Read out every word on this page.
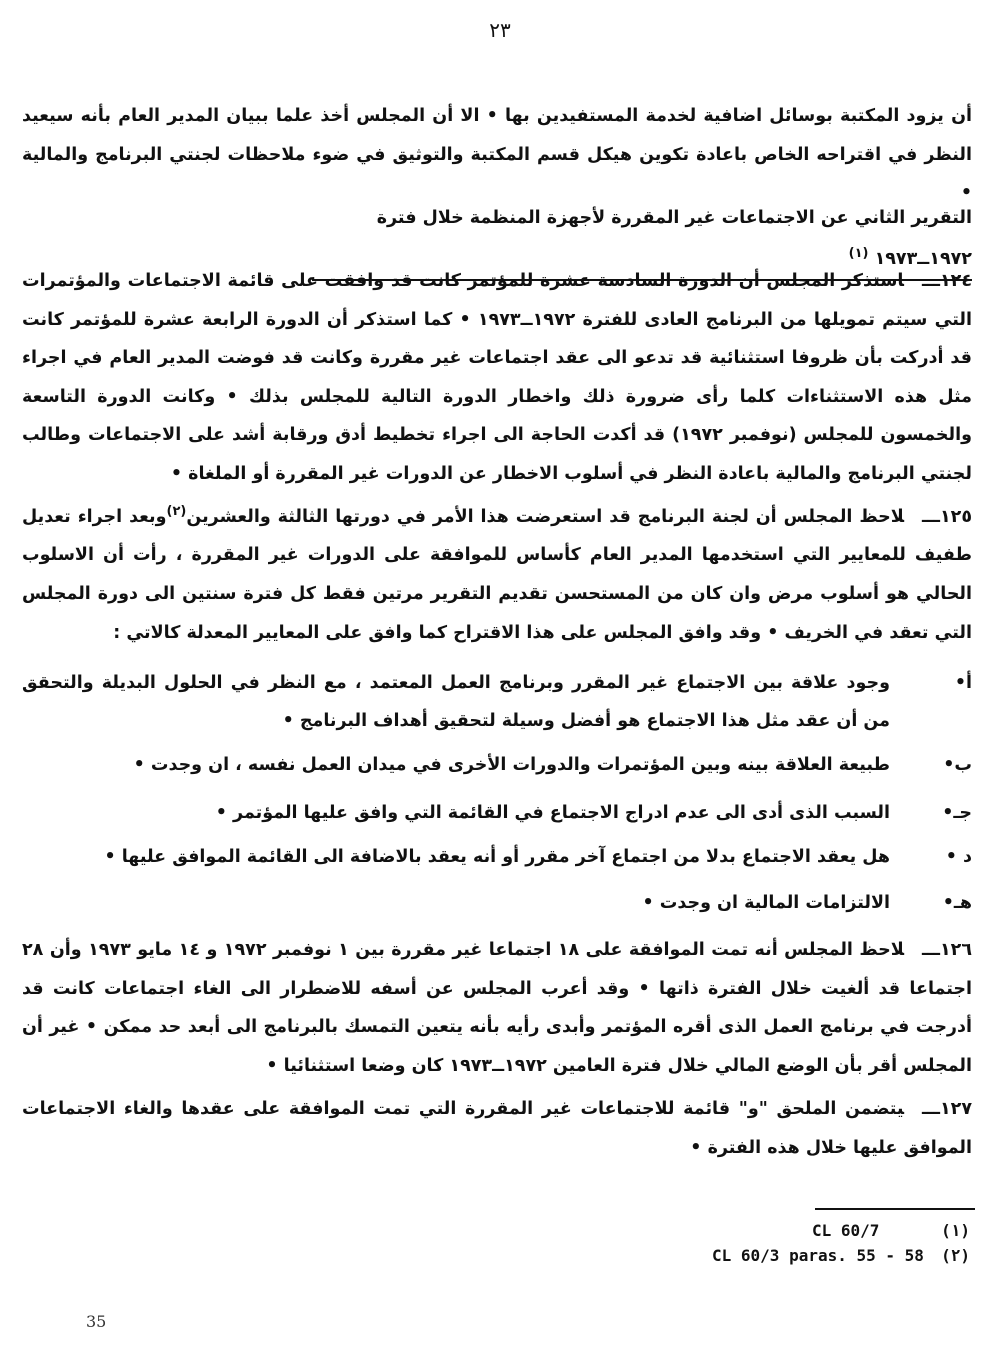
٢٣
أن يزود المكتبة بوسائل اضافية لخدمة المستفيدين بها • الا أن المجلس أخذ علما ببيان المدير العام بأنه سيعيد النظر في اقتراحه الخاص باعادة تكوين هيكل قسم المكتبة والتوثيق في ضوء ملاحظات لجنتي البرنامج والمالية •
التقرير الثاني عن الاجتماعات غير المقررة لأجهزة المنظمة خلال فترة ١٩٧٢ــ١٩٧٣ $^{(١)}$
١٢٤ـــاستذكر المجلس أن الدورة السادسة عشرة للمؤتمر كانت قد وافقت على قائمة الاجتماعات والمؤتمرات التي سيتم تمويلها من البرنامج العادى للفترة ١٩٧٢ــ١٩٧٣ • كما استذكر أن الدورة الرابعة عشرة للمؤتمر كانت قد أدركت بأن ظروفا استثنائية قد تدعو الى عقد اجتماعات غير مقررة وكانت قد فوضت المدير العام في اجراء مثل هذه الاستثناءات كلما رأى ضرورة ذلك واخطار الدورة التالية للمجلس بذلك • وكانت الدورة التاسعة والخمسون للمجلس (نوفمبر ١٩٧٢) قد أكدت الحاجة الى اجراء تخطيط أدق ورقابة أشد على الاجتماعات وطالب لجنتي البرنامج والمالية باعادة النظر في أسلوب الاخطار عن الدورات غير المقررة أو الملغاة •
١٢٥ـــلاحظ المجلس أن لجنة البرنامج قد استعرضت هذا الأمر في دورتها الثالثة والعشرين$^{(٢)}$وبعد اجراء تعديل طفيف للمعايير التي استخدمها المدير العام كأساس للموافقة على الدورات غير المقررة ، رأت أن الاسلوب الحالي هو أسلوب مرض وان كان من المستحسن تقديم التقرير مرتين فقط كل فترة سنتين الى دورة المجلس التي تعقد في الخريف • وقد وافق المجلس على هذا الاقتراح كما وافق على المعايير المعدلة كالاتي :
أ•
وجود علاقة بين الاجتماع غير المقرر وبرنامج العمل المعتمد ، مع النظر في الحلول البديلة والتحقق من أن عقد مثل هذا الاجتماع هو أفضل وسيلة لتحقيق أهداف البرنامج •
ب•
طبيعة العلاقة بينه وبين المؤتمرات والدورات الأخرى في ميدان العمل نفسه ، ان وجدت •
جـ•
السبب الذى أدى الى عدم ادراج الاجتماع في القائمة التي وافق عليها المؤتمر •
د •
هل يعقد الاجتماع بدلا من اجتماع آخر مقرر أو أنه يعقد بالاضافة الى القائمة الموافق عليها •
هـ•
الالتزامات المالية ان وجدت •
١٢٦ـــلاحظ المجلس أنه تمت الموافقة على ١٨ اجتماعا غير مقررة بين ١ نوفمبر ١٩٧٢ و ١٤ مايو ١٩٧٣ وأن ٢٨ اجتماعا قد ألغيت خلال الفترة ذاتها • وقد أعرب المجلس عن أسفه للاضطرار الى الغاء اجتماعات كانت قد أدرجت في برنامج العمل الذى أقره المؤتمر وأبدى رأيه بأنه يتعين التمسك بالبرنامج الى أبعد حد ممكن • غير أن المجلس أقر بأن الوضع المالي خلال فترة العامين ١٩٧٢ــ١٩٧٣ كان وضعا استثنائيا •
١٢٧ـــيتضمن الملحق "و" قائمة للاجتماعات غير المقررة التي تمت الموافقة على عقدها والغاء الاجتماعات الموافق عليها خلال هذه الفترة •
CL 60/7	(١)
CL 60/3 paras. 55 - 58 (٢)
35
